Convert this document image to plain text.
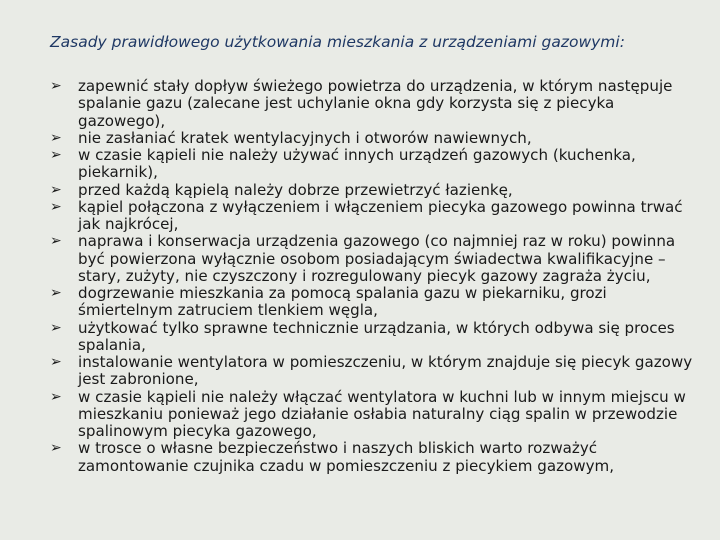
Zasady prawidłowego użytkowania mieszkania z urządzeniami gazowymi:
➢ zapewnić stały dopływ świeżego powietrza do urządzenia, w którym następuje spalanie gazu (zalecane jest uchylanie okna gdy korzysta się z piecyka gazowego),
➢ nie zasłaniać kratek wentylacyjnych i otworów nawiewnych,
➢ w czasie kąpieli nie należy używać innych urządzeń gazowych (kuchenka, piekarnik),
➢ przed każdą kąpielą należy dobrze przewietrzyć łazienkę,
➢ kąpiel połączona z wyłączeniem i włączeniem piecyka gazowego powinna trwać jak najkrócej,
➢ naprawa i konserwacja urządzenia gazowego (co najmniej raz w roku) powinna być powierzona wyłącznie osobom posiadającym świadectwa kwalifikacyjne – stary, zużyty, nie czyszczony i rozregulowany piecyk gazowy zagraża życiu,
➢ dogrzewanie mieszkania za pomocą spalania gazu w piekarniku, grozi śmiertelnym zatruciem tlenkiem węgla,
➢ użytkować tylko sprawne technicznie urządzania, w których odbywa się proces spalania,
➢ instalowanie wentylatora w pomieszczeniu, w którym znajduje się piecyk gazowy jest zabronione,
➢ w czasie kąpieli nie należy włączać wentylatora w kuchni lub w innym miejscu w mieszkaniu ponieważ jego działanie osłabia naturalny ciąg spalin w przewodzie spalinowym piecyka gazowego,
➢ w trosce o własne bezpieczeństwo i naszych bliskich warto rozważyć zamontowanie czujnika czadu w pomieszczeniu z piecykiem gazowym,
